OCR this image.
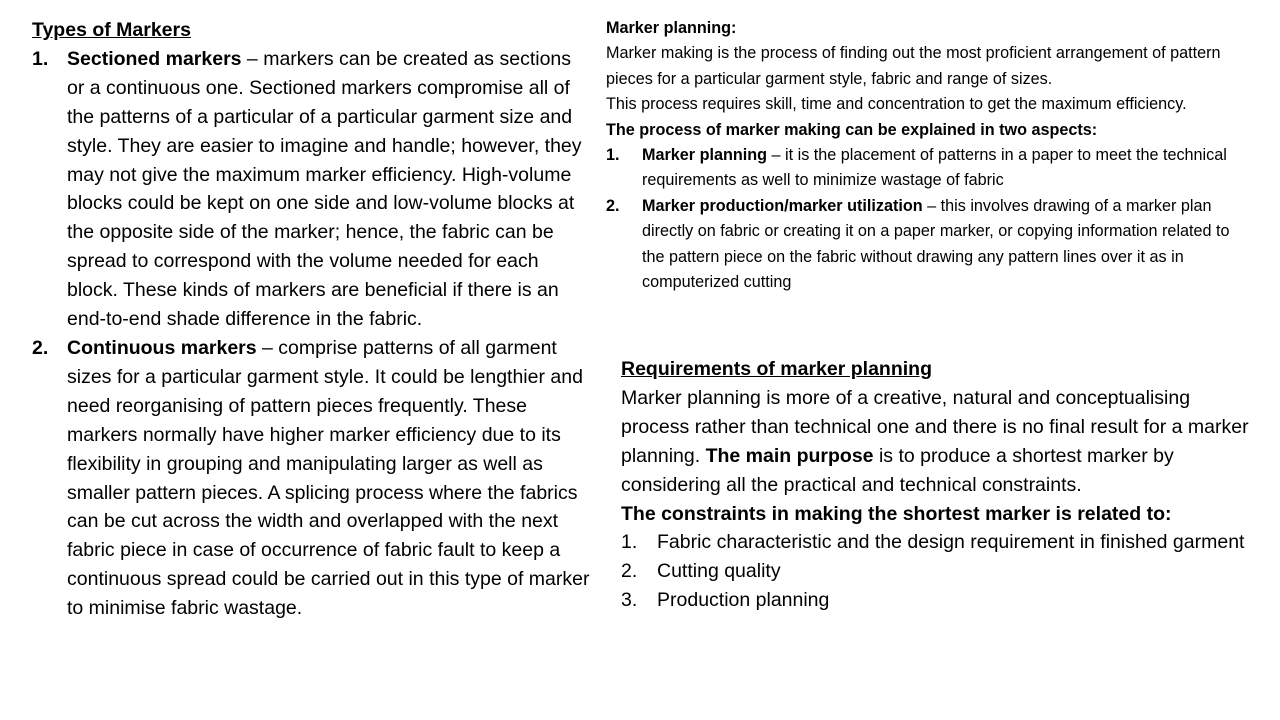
Types of Markers

1. Sectioned markers – markers can be created as sections or a continuous one. Sectioned markers compromise all of the patterns of a particular of a particular garment size and style. They are easier to imagine and handle; however, they may not give the maximum marker efficiency. High-volume blocks could be kept on one side and low-volume blocks at the opposite side of the marker; hence, the fabric can be spread to correspond with the volume needed for each block. These kinds of markers are beneficial if there is an end-to-end shade difference in the fabric.
2. Continuous markers – comprise patterns of all garment sizes for a particular garment style. It could be lengthier and need reorganising of pattern pieces frequently. These markers normally have higher marker efficiency due to its flexibility in grouping and manipulating larger as well as smaller pattern pieces. A splicing process where the fabrics can be cut across the width and overlapped with the next fabric piece in case of occurrence of fabric fault to keep a continuous spread could be carried out in this type of marker to minimise fabric wastage.

Marker planning:

Marker making is the process of finding out the most proficient arrangement of pattern pieces for a particular garment style, fabric and range of sizes.

This process requires skill, time and concentration to get the maximum efficiency.

The process of marker making can be explained in two aspects:

1. Marker planning – it is the placement of patterns in a paper to meet the technical requirements as well to minimize wastage of fabric
2. Marker production/marker utilization – this involves drawing of a marker plan directly on fabric or creating it on a paper marker, or copying information related to the pattern piece on the fabric without drawing any pattern lines over it as in computerized cutting

Requirements of marker planning

Marker planning is more of a creative, natural and conceptualising process rather than technical one and there is no final result for a marker planning. The main purpose is to produce a shortest marker by considering all the practical and technical constraints.

The constraints in making the shortest marker is related to:

1. Fabric characteristic and the design requirement in finished garment
2. Cutting quality
3. Production planning
